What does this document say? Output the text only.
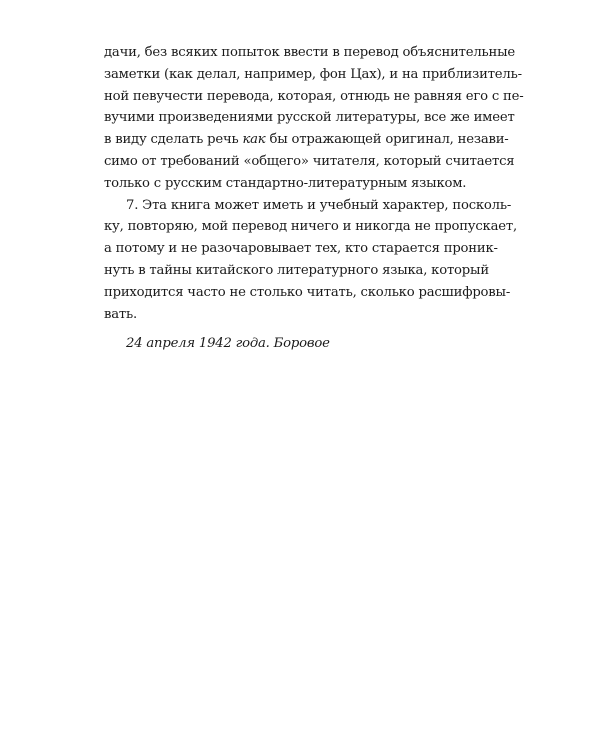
дачи, без всяких попыток ввести в перевод объяснительные
заметки (как делал, например, фон Цах), и на приблизитель-
ной певучести перевода, которая, отнюдь не равняя его с пе-
вучими произведениями русской литературы, все же имеет
в виду сделать речь как бы отражающей оригинал, незави-
симо от требований «общего» читателя, который считается
только с русским стандартно-литературным языком.
7. Эта книга может иметь и учебный характер, посколь-
ку, повторяю, мой перевод ничего и никогда не пропускает,
а потому и не разочаровывает тех, кто старается проник-
нуть в тайны китайского литературного языка, который
приходится часто не столько читать, сколько расшифровы-
вать.
24 апреля 1942 года. Боровое
